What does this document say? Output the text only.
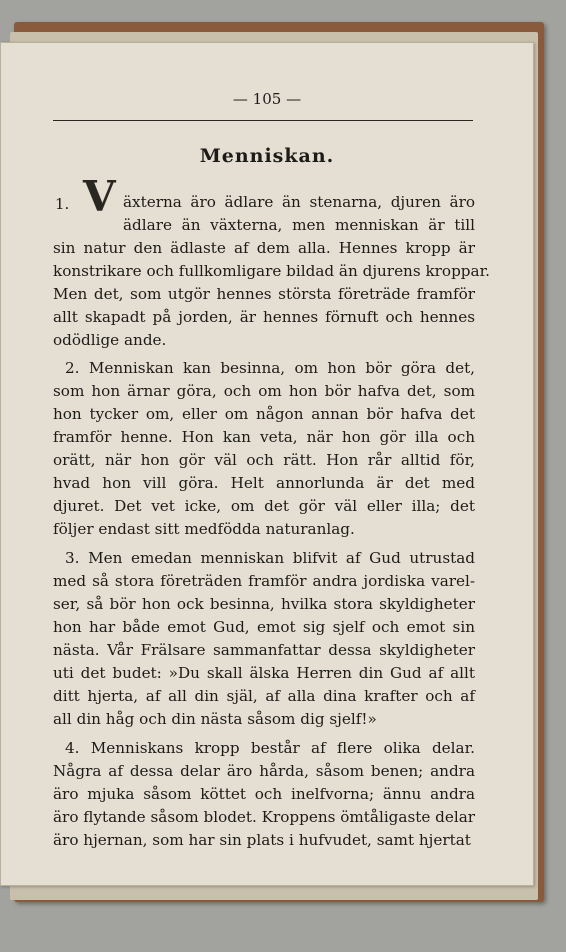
— 105 —
Menniskan.
1. V äxterna äro ädlare än stenarna, djuren äro
ädlare än växterna, men menniskan är till
sin natur den ädlaste af dem alla. Hennes kropp är
konstrikare och fullkomligare bildad än djurens kroppar.
Men det, som utgör hennes största företräde framför
allt skapadt på jorden, är hennes förnuft och hennes
odödlige ande.
2. Menniskan kan besinna, om hon bör göra det,
som hon ärnar göra, och om hon bör hafva det, som
hon tycker om, eller om någon annan bör hafva det
framför henne. Hon kan veta, när hon gör illa och
orätt, när hon gör väl och rätt. Hon rår alltid för,
hvad hon vill göra. Helt annorlunda är det med
djuret. Det vet icke, om det gör väl eller illa; det
följer endast sitt medfödda naturanlag.
3. Men emedan menniskan blifvit af Gud utrustad
med så stora företräden framför andra jordiska varel-
ser, så bör hon ock besinna, hvilka stora skyldigheter
hon har både emot Gud, emot sig sjelf och emot sin
nästa. Vår Frälsare sammanfattar dessa skyldigheter
uti det budet: »Du skall älska Herren din Gud af allt
ditt hjerta, af all din själ, af alla dina krafter och af
all din håg och din nästa såsom dig sjelf!»
4. Menniskans kropp består af flere olika delar.
Några af dessa delar äro hårda, såsom benen; andra
äro mjuka såsom köttet och inelfvorna; ännu andra
äro flytande såsom blodet. Kroppens ömtåligaste delar
äro hjernan, som har sin plats i hufvudet, samt hjertat
